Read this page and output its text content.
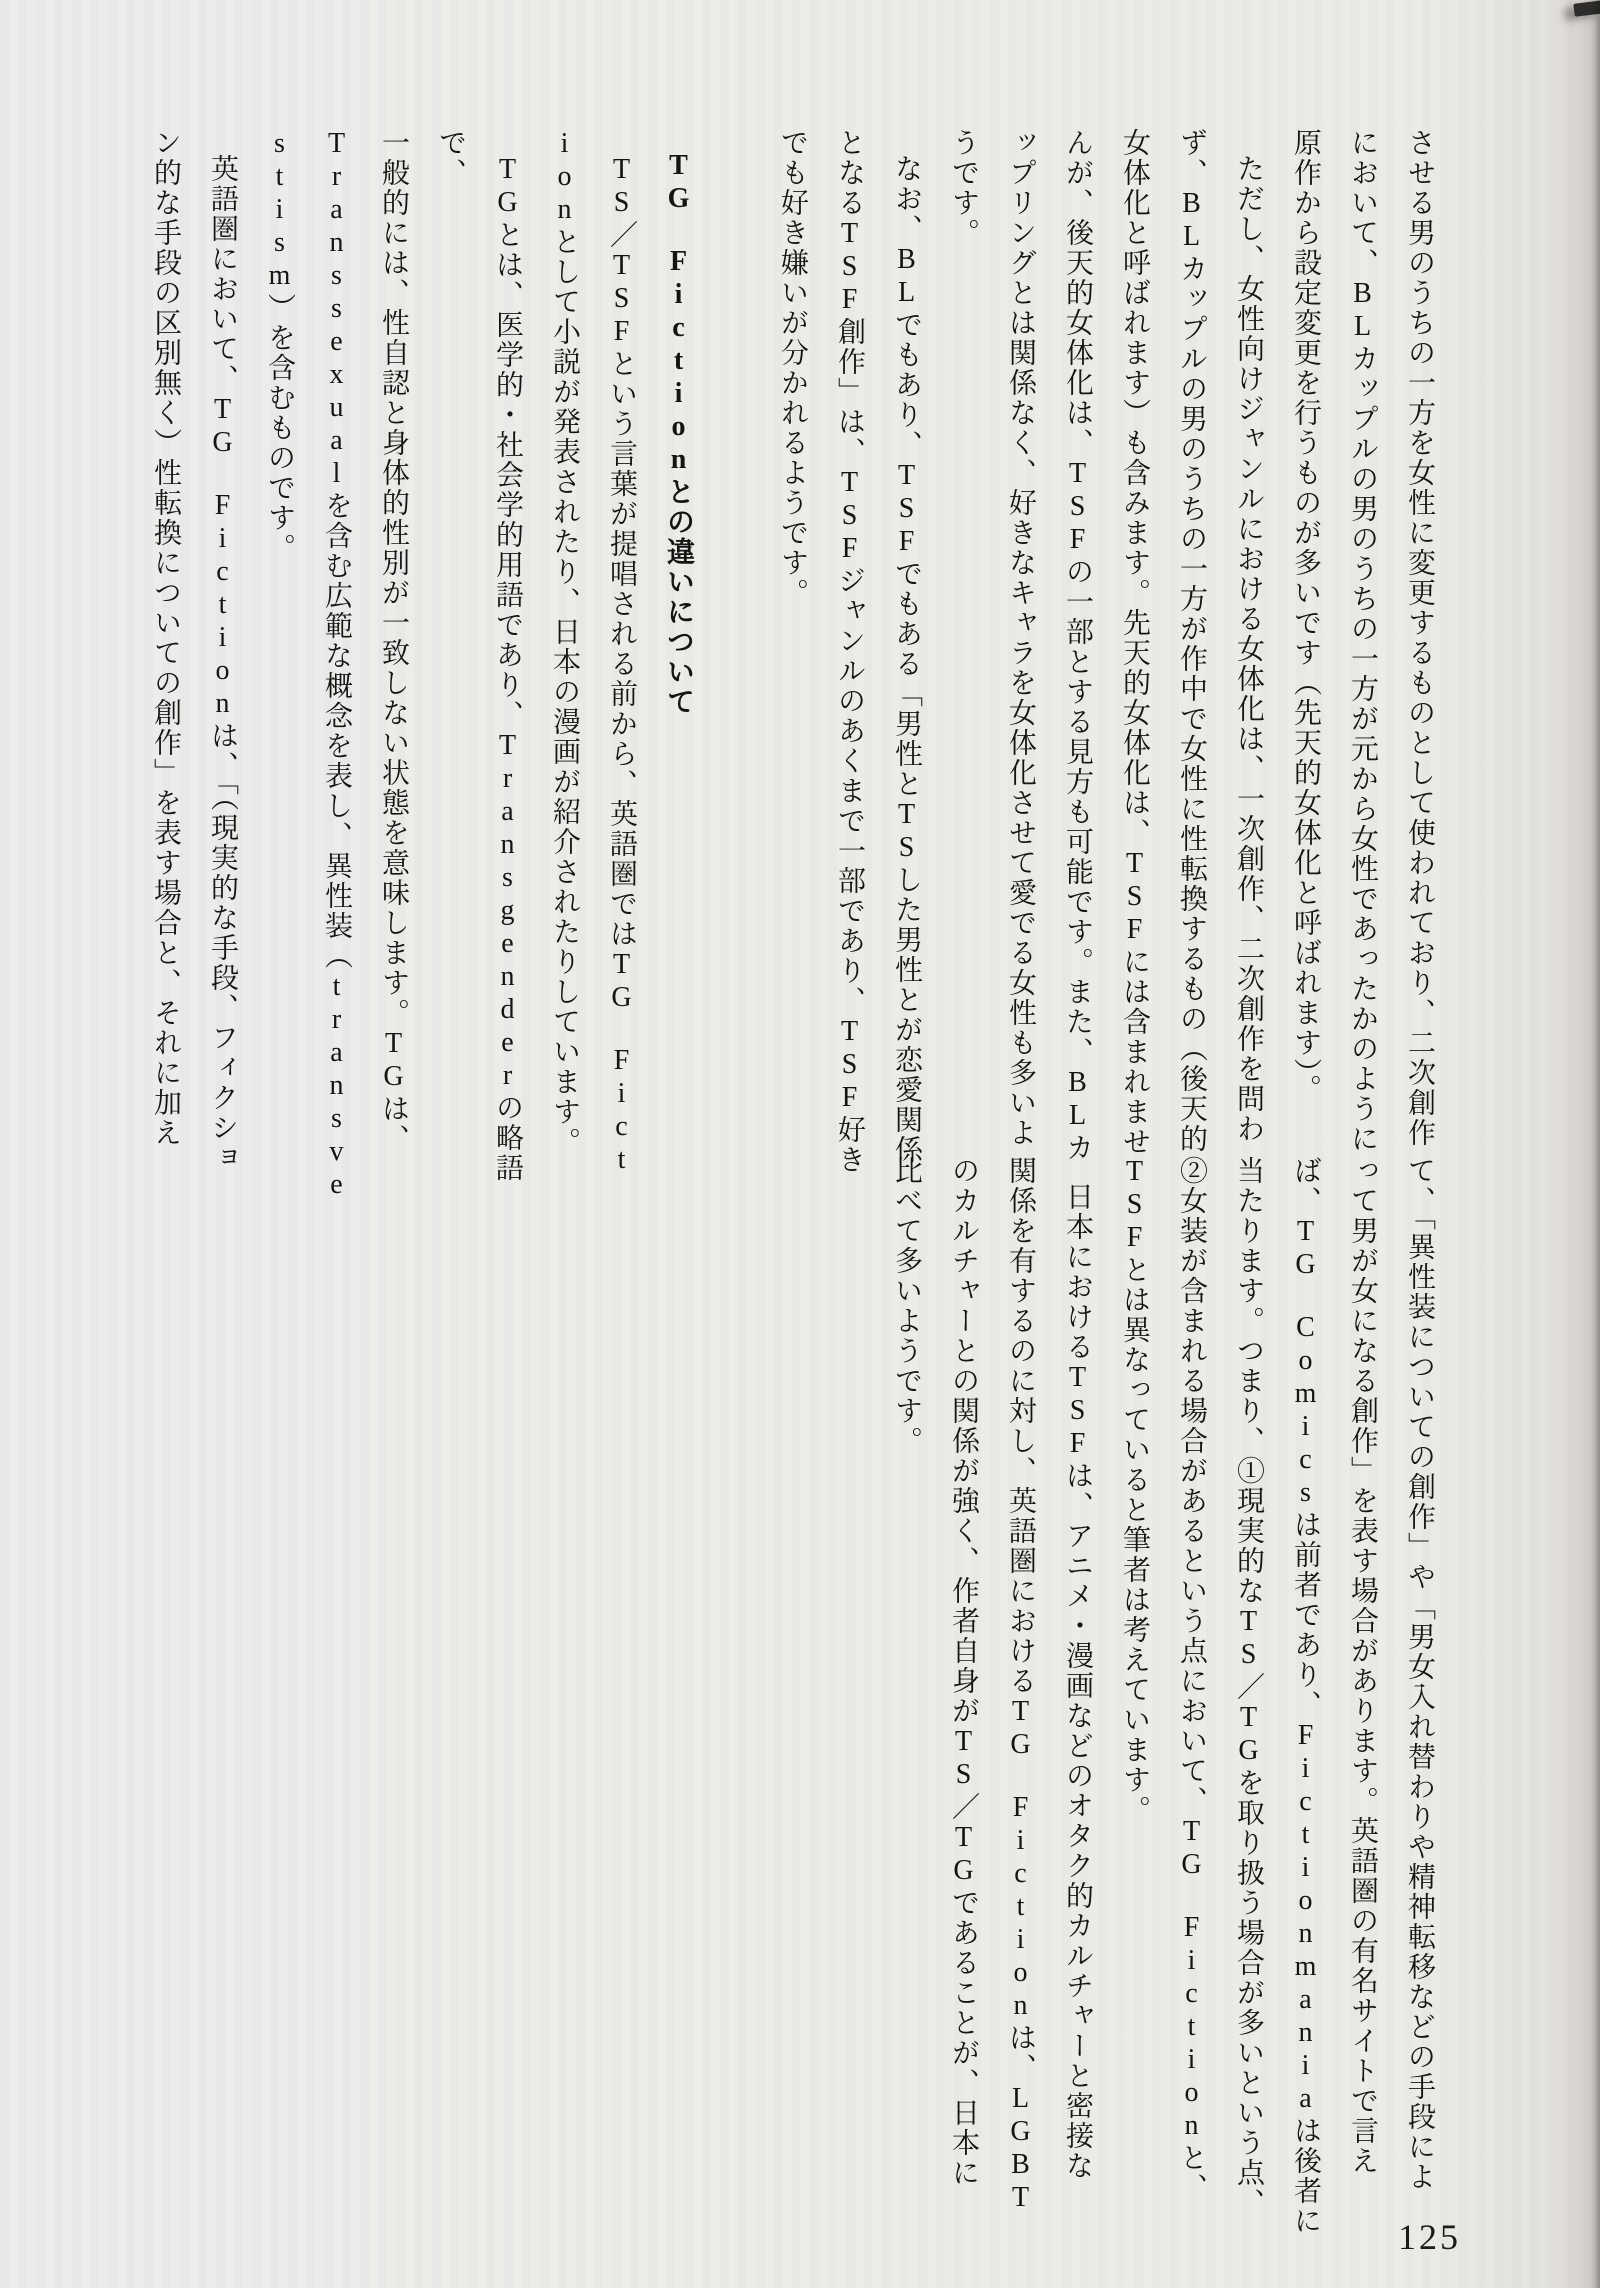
させる男のうちの一方を女性に変更するものとして使われており、二次創作

において、BLカップルの男のうちの一方が元から女性であったかのように

原作から設定変更を行うものが多いです（先天的女体化と呼ばれます）。

ただし、女性向けジャンルにおける女体化は、一次創作、二次創作を問わ

ず、BLカップルの男のうちの一方が作中で女性に性転換するもの（後天的

女体化と呼ばれます）も含みます。先天的女体化は、TSFには含まれませ

んが、後天的女体化は、TSFの一部とする見方も可能です。また、BLカ

ップリングとは関係なく、好きなキャラを女体化させて愛でる女性も多いよ

うです。

なお、BLでもあり、TSFでもある「男性とTSした男性とが恋愛関係

となるTSF創作」は、TSFジャンルのあくまで一部であり、TSF好き

でも好き嫌いが分かれるようです。

TG　Fictionとの違いについて

TS／TSFという言葉が提唱される前から、英語圏ではTG　Fict

ionとして小説が発表されたり、日本の漫画が紹介されたりしています。

TGとは、医学的・社会学的用語であり、Transgenderの略語で、

一般的には、性自認と身体的性別が一致しない状態を意味します。TGは、

Transsexualを含む広範な概念を表し、異性装（transve

stism）を含むものです。

英語圏において、TG　Fictionは、「（現実的な手段、フィクショ

ン的な手段の区別無く）性転換についての創作」を表す場合と、それに加え

て、「異性装についての創作」や「男女入れ替わりや精神転移などの手段によ

って男が女になる創作」を表す場合があります。英語圏の有名サイトで言え

ば、TG　Comicsは前者であり、Fictionmaniaは後者に

当たります。つまり、①現実的なTS／TGを取り扱う場合が多いという点、

②女装が含まれる場合があるという点において、TG　Fictionと、

TSFとは異なっていると筆者は考えています。

日本におけるTSFは、アニメ・漫画などのオタク的カルチャーと密接な

関係を有するのに対し、英語圏におけるTG　Fictionは、LGBT

のカルチャーとの関係が強く、作者自身がTS／TGであることが、日本に

比べて多いようです。

125
